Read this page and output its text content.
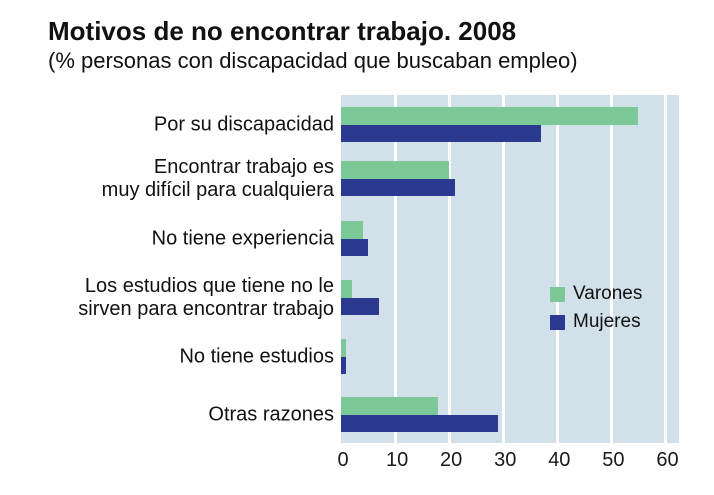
Motivos de no encontrar trabajo. 2008
(% personas con discapacidad que buscaban empleo)
Por su discapacidad
Encontrar trabajo es
muy difícil para cualquiera
No tiene experiencia
Los estudios que tiene no le
sirven para encontrar trabajo
No tiene estudios
Otras razones
0 10 20 30 40 50 60
Varones
Mujeres
